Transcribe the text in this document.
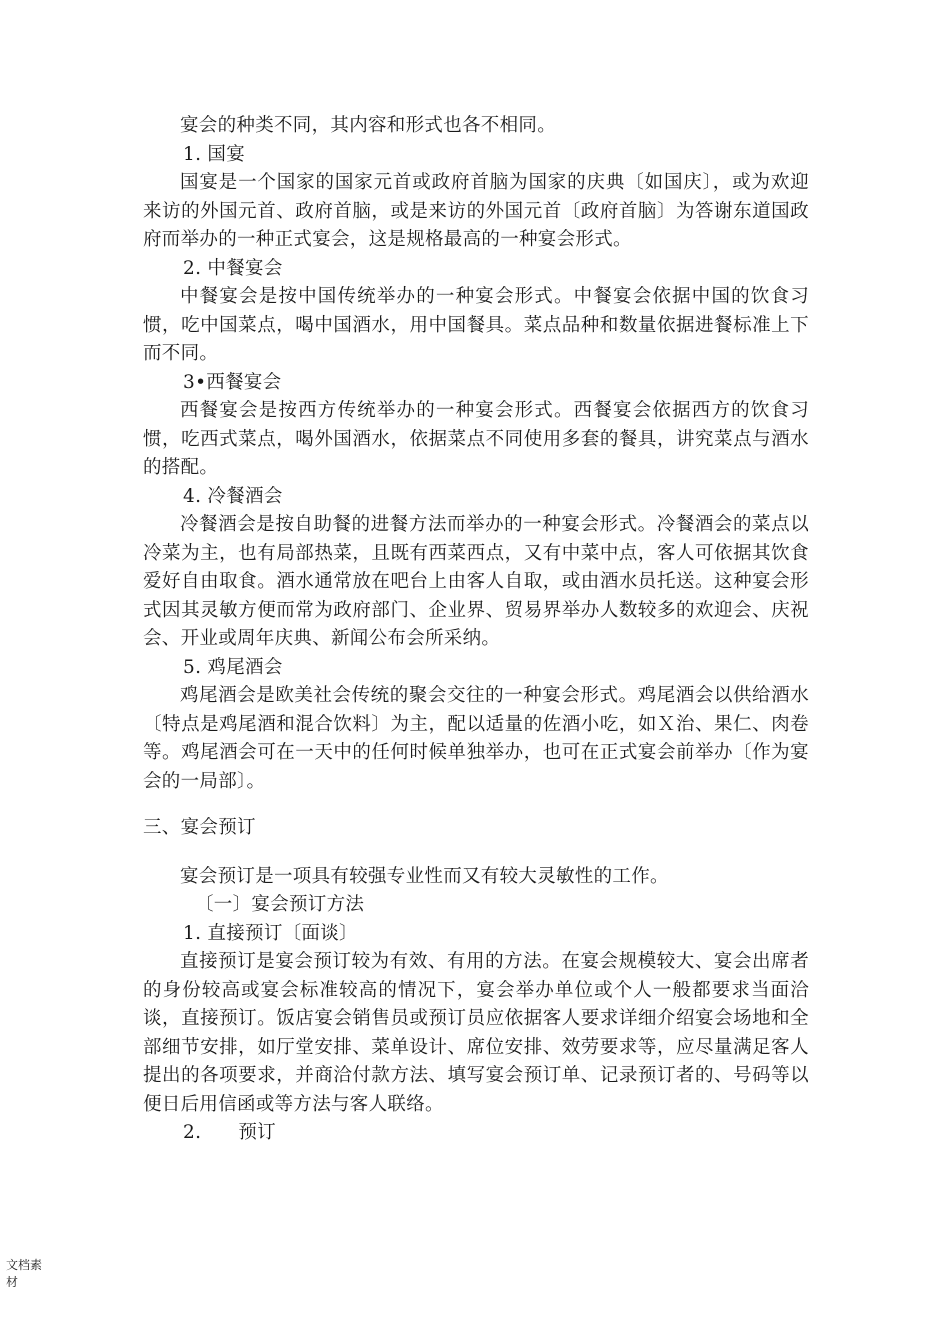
宴会的种类不同，其内容和形式也各不相同。

1. 国宴

国宴是一个国家的国家元首或政府首脑为国家的庆典〔如国庆〕，或为欢迎来访的外国元首、政府首脑，或是来访的外国元首〔政府首脑〕为答谢东道国政府而举办的一种正式宴会，这是规格最高的一种宴会形式。

2. 中餐宴会

中餐宴会是按中国传统举办的一种宴会形式。中餐宴会依据中国的饮食习惯，吃中国菜点，喝中国酒水，用中国餐具。菜点品种和数量依据进餐标准上下而不同。

3•西餐宴会

西餐宴会是按西方传统举办的一种宴会形式。西餐宴会依据西方的饮食习惯，吃西式菜点，喝外国酒水，依据菜点不同使用多套的餐具，讲究菜点与酒水的搭配。

4. 冷餐酒会

冷餐酒会是按自助餐的进餐方法而举办的一种宴会形式。冷餐酒会的菜点以冷菜为主，也有局部热菜，且既有西菜西点，又有中菜中点，客人可依据其饮食爱好自由取食。酒水通常放在吧台上由客人自取，或由酒水员托送。这种宴会形式因其灵敏方便而常为政府部门、企业界、贸易界举办人数较多的欢迎会、庆祝会、开业或周年庆典、新闻公布会所采纳。

5. 鸡尾酒会

鸡尾酒会是欧美社会传统的聚会交往的一种宴会形式。鸡尾酒会以供给酒水〔特点是鸡尾酒和混合饮料〕为主，配以适量的佐酒小吃，如Ｘ治、果仁、肉卷等。鸡尾酒会可在一天中的任何时候单独举办，也可在正式宴会前举办〔作为宴会的一局部〕。

三、宴会预订

宴会预订是一项具有较强专业性而又有较大灵敏性的工作。

〔一〕宴会预订方法

1. 直接预订〔面谈〕

直接预订是宴会预订较为有效、有用的方法。在宴会规模较大、宴会出席者的身份较高或宴会标准较高的情况下，宴会举办单位或个人一般都要求当面洽谈，直接预订。饭店宴会销售员或预订员应依据客人要求详细介绍宴会场地和全部细节安排，如厅堂安排、菜单设计、席位安排、效劳要求等，应尽量满足客人提出的各项要求，并商洽付款方法、填写宴会预订单、记录预订者的、号码等以便日后用信函或等方法与客人联络。

2.      预订

文档素材
